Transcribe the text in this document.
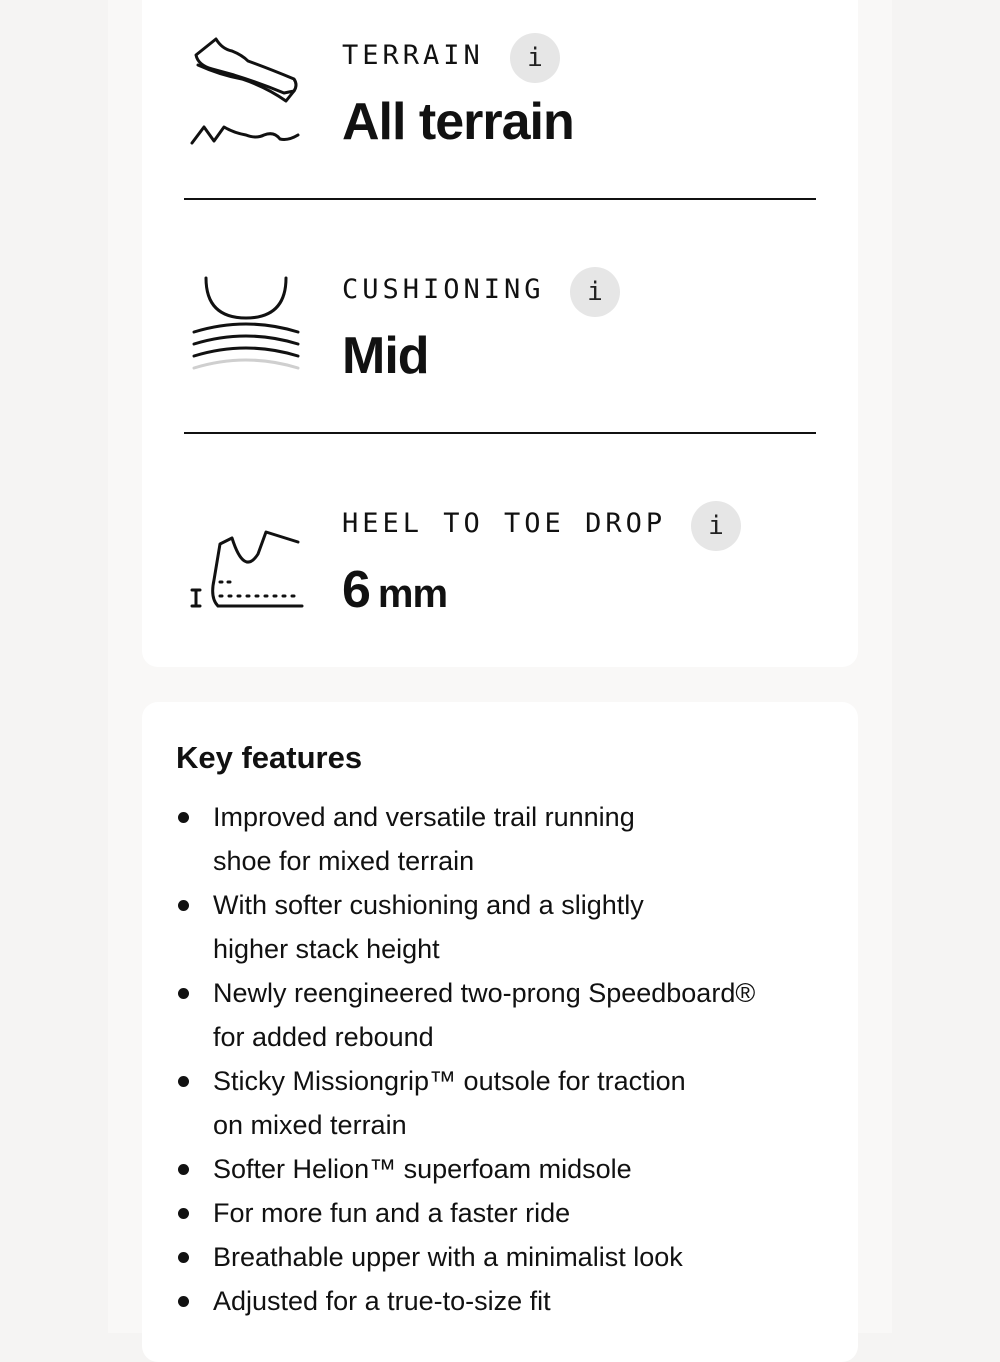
TERRAIN	i
All terrain
CUSHIONING	i
Mid
HEEL TO TOE DROP	i
6 mm
Key features
Improved and versatile trail running
shoe for mixed terrain
With softer cushioning and a slightly
higher stack height
Newly reengineered two-prong Speedboard®
for added rebound
Sticky Missiongrip™ outsole for traction
on mixed terrain
Softer Helion™ superfoam midsole
For more fun and a faster ride
Breathable upper with a minimalist look
Adjusted for a true-to-size fit
